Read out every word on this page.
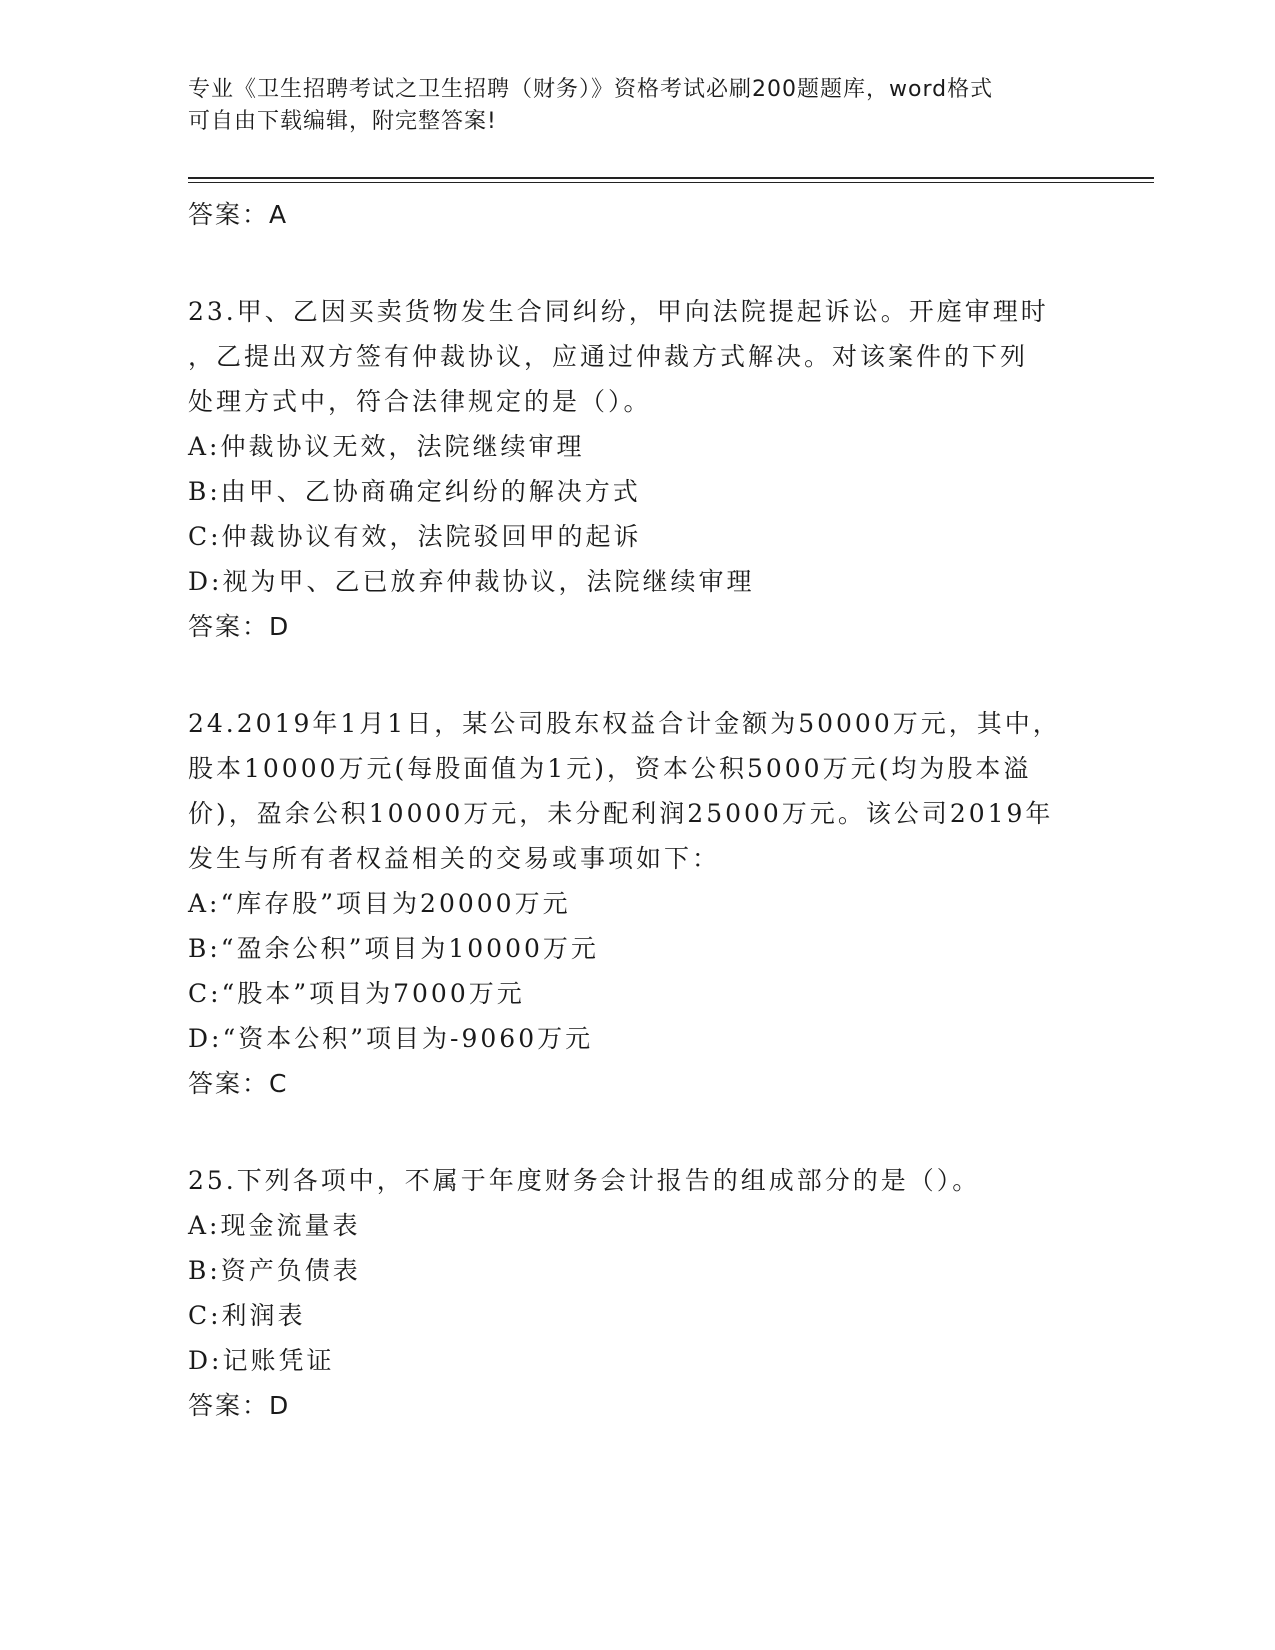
专业《卫生招聘考试之卫生招聘（财务）》资格考试必刷200题题库，word格式
可自由下载编辑，附完整答案!
答案：A
23.甲、乙因买卖货物发生合同纠纷，甲向法院提起诉讼。开庭审理时
，乙提出双方签有仲裁协议，应通过仲裁方式解决。对该案件的下列
处理方式中，符合法律规定的是（）。
A:仲裁协议无效，法院继续审理
B:由甲、乙协商确定纠纷的解决方式
C:仲裁协议有效，法院驳回甲的起诉
D:视为甲、乙已放弃仲裁协议，法院继续审理
答案：D
24.2019年1月1日，某公司股东权益合计金额为50000万元，其中，
股本10000万元(每股面值为1元)，资本公积5000万元(均为股本溢
价)，盈余公积10000万元，未分配利润25000万元。该公司2019年
发生与所有者权益相关的交易或事项如下：
A:“库存股”项目为20000万元
B:“盈余公积”项目为10000万元
C:“股本”项目为7000万元
D:“资本公积”项目为-9060万元
答案：C
25.下列各项中，不属于年度财务会计报告的组成部分的是（）。
A:现金流量表
B:资产负债表
C:利润表
D:记账凭证
答案：D
